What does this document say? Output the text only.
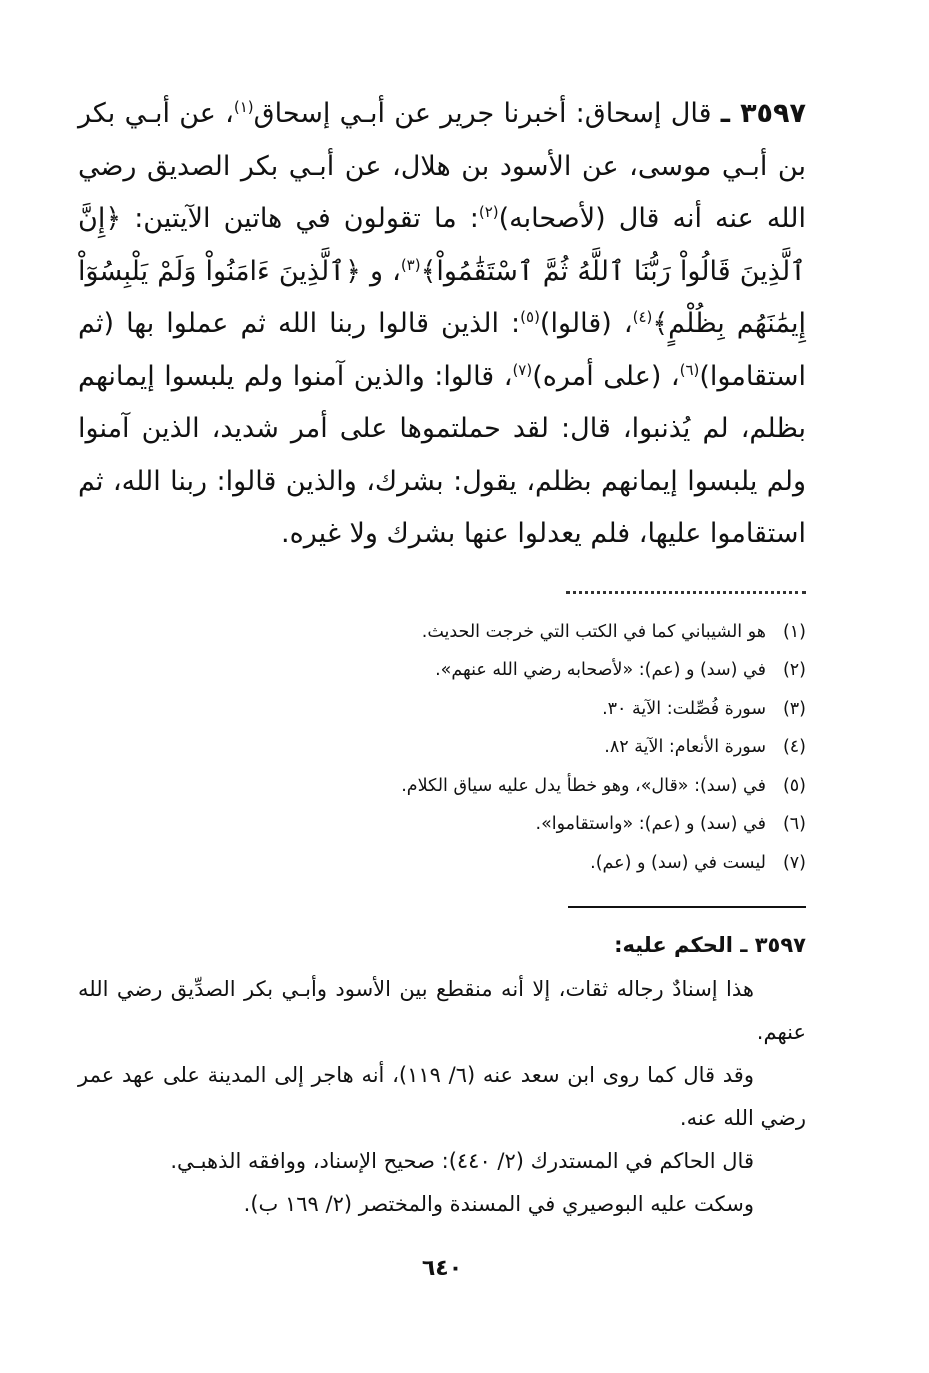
٣٥٩٧ ـ قال إسحاق: أخبرنا جرير عن أبـي إسحاق$^{(١)}$، عن أبـي بكر بن أبـي موسى، عن الأسود بن هلال، عن أبـي بكر الصديق رضي الله عنه أنه قال (لأصحابه)$^{(٢)}$: ما تقولون في هاتين الآيتين: ﴿إِنَّ ٱلَّذِينَ قَالُواْ رَبُّنَا ٱللَّهُ ثُمَّ ٱسْتَقَٰمُواْ﴾$^{(٣)}$، و ﴿ٱلَّذِينَ ءَامَنُواْ وَلَمْ يَلْبِسُوٓاْ إِيمَٰنَهُم بِظُلْمٍ﴾$^{(٤)}$، (قالوا)$^{(٥)}$: الذين قالوا ربنا الله ثم عملوا بها (ثم استقاموا)$^{(٦)}$، (على أمره)$^{(٧)}$، قالوا: والذين آمنوا ولم يلبسوا إيمانهم بظلم، لم يُذنبوا، قال: لقد حملتموها على أمر شديد، الذين آمنوا ولم يلبسوا إيمانهم بظلم، يقول: بشرك، والذين قالوا: ربنا الله، ثم استقاموا عليها، فلم يعدلوا عنها بشرك ولا غيره.

(١)هو الشيباني كما في الكتب التي خرجت الحديث.
(٢)في (سد) و (عم): «لأصحابه رضي الله عنهم».
(٣)سورة فُصِّلت: الآية ٣٠.
(٤)سورة الأنعام: الآية ٨٢.
(٥)في (سد): «قال»، وهو خطأ يدل عليه سياق الكلام.
(٦)في (سد) و (عم): «واستقاموا».
(٧)ليست في (سد) و (عم).
٣٥٩٧ ـ الحكم عليه:

هذا إسنادٌ رجاله ثقات، إلا أنه منقطع بين الأسود وأبـي بكر الصدِّيق رضي الله عنهم.

وقد قال كما روى ابن سعد عنه (٦/ ١١٩)، أنه هاجر إلى المدينة على عهد عمر رضي الله عنه.

قال الحاكم في المستدرك (٢/ ٤٤٠): صحيح الإسناد، ووافقه الذهبـي.

وسكت عليه البوصيري في المسندة والمختصر (٢/ ١٦٩ ب).

٦٤٠
